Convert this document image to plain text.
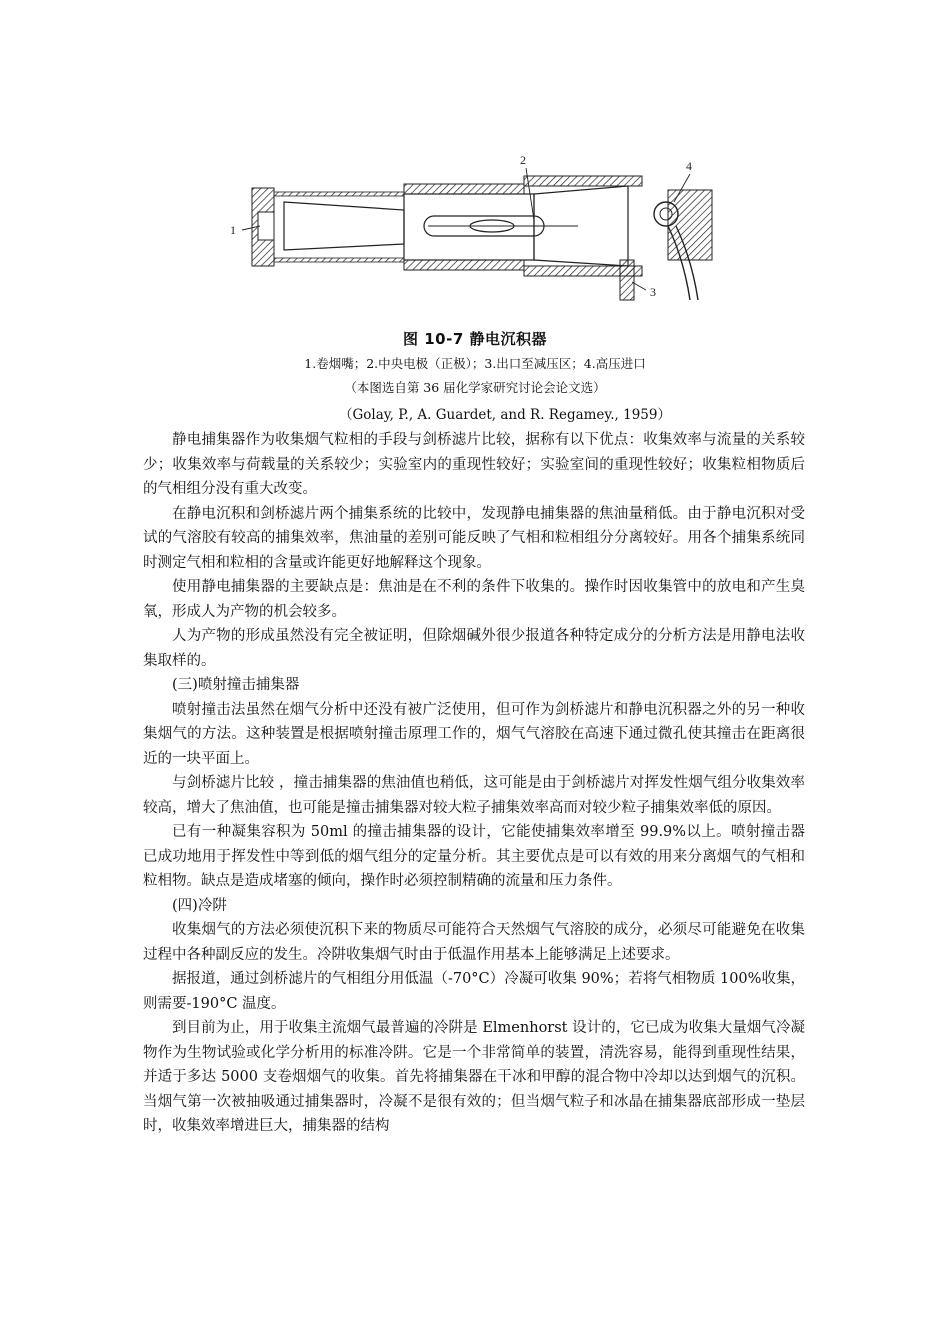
1
2
3
4
图 10-7 静电沉积器
1.卷烟嘴；2.中央电极（正极）；3.出口至减压区；4.高压进口
（本图选自第 36 届化学家研究讨论会论文选）
（Golay, P., A. Guardet, and R. Regamey., 1959）

静电捕集器作为收集烟气粒相的手段与剑桥滤片比较，据称有以下优点：收集效率与流量的关系较少；收集效率与荷载量的关系较少；实验室内的重现性较好；实验室间的重现性较好；收集粒相物质后的气相组分没有重大改变。

在静电沉积和剑桥滤片两个捕集系统的比较中，发现静电捕集器的焦油量稍低。由于静电沉积对受试的气溶胶有较高的捕集效率，焦油量的差别可能反映了气相和粒相组分分离较好。用各个捕集系统同时测定气相和粒相的含量或许能更好地解释这个现象。

使用静电捕集器的主要缺点是：焦油是在不利的条件下收集的。操作时因收集管中的放电和产生臭氧，形成人为产物的机会较多。

人为产物的形成虽然没有完全被证明，但除烟碱外很少报道各种特定成分的分析方法是用静电法收集取样的。

(三)喷射撞击捕集器

喷射撞击法虽然在烟气分析中还没有被广泛使用，但可作为剑桥滤片和静电沉积器之外的另一种收集烟气的方法。这种装置是根据喷射撞击原理工作的，烟气气溶胶在高速下通过微孔使其撞击在距离很近的一块平面上。

与剑桥滤片比较 ，撞击捕集器的焦油值也稍低，这可能是由于剑桥滤片对挥发性烟气组分收集效率较高，增大了焦油值，也可能是撞击捕集器对较大粒子捕集效率高而对较少粒子捕集效率低的原因。

已有一种凝集容积为 50ml 的撞击捕集器的设计，它能使捕集效率增至 99.9%以上。喷射撞击器已成功地用于挥发性中等到低的烟气组分的定量分析。其主要优点是可以有效的用来分离烟气的气相和粒相物。缺点是造成堵塞的倾向，操作时必须控制精确的流量和压力条件。

(四)冷阱

收集烟气的方法必须使沉积下来的物质尽可能符合天然烟气气溶胶的成分，必须尽可能避免在收集过程中各种副反应的发生。冷阱收集烟气时由于低温作用基本上能够满足上述要求。

据报道，通过剑桥滤片的气相组分用低温（-70°C）冷凝可收集 90%；若将气相物质 100%收集，则需要-190°C 温度。

到目前为止，用于收集主流烟气最普遍的冷阱是 Elmenhorst 设计的，它已成为收集大量烟气冷凝物作为生物试验或化学分析用的标准冷阱。它是一个非常简单的装置，清洗容易，能得到重现性结果，并适于多达 5000 支卷烟烟气的收集。首先将捕集器在干冰和甲醇的混合物中冷却以达到烟气的沉积。当烟气第一次被抽吸通过捕集器时，冷凝不是很有效的；但当烟气粒子和冰晶在捕集器底部形成一垫层时，收集效率增进巨大，捕集器的结构
